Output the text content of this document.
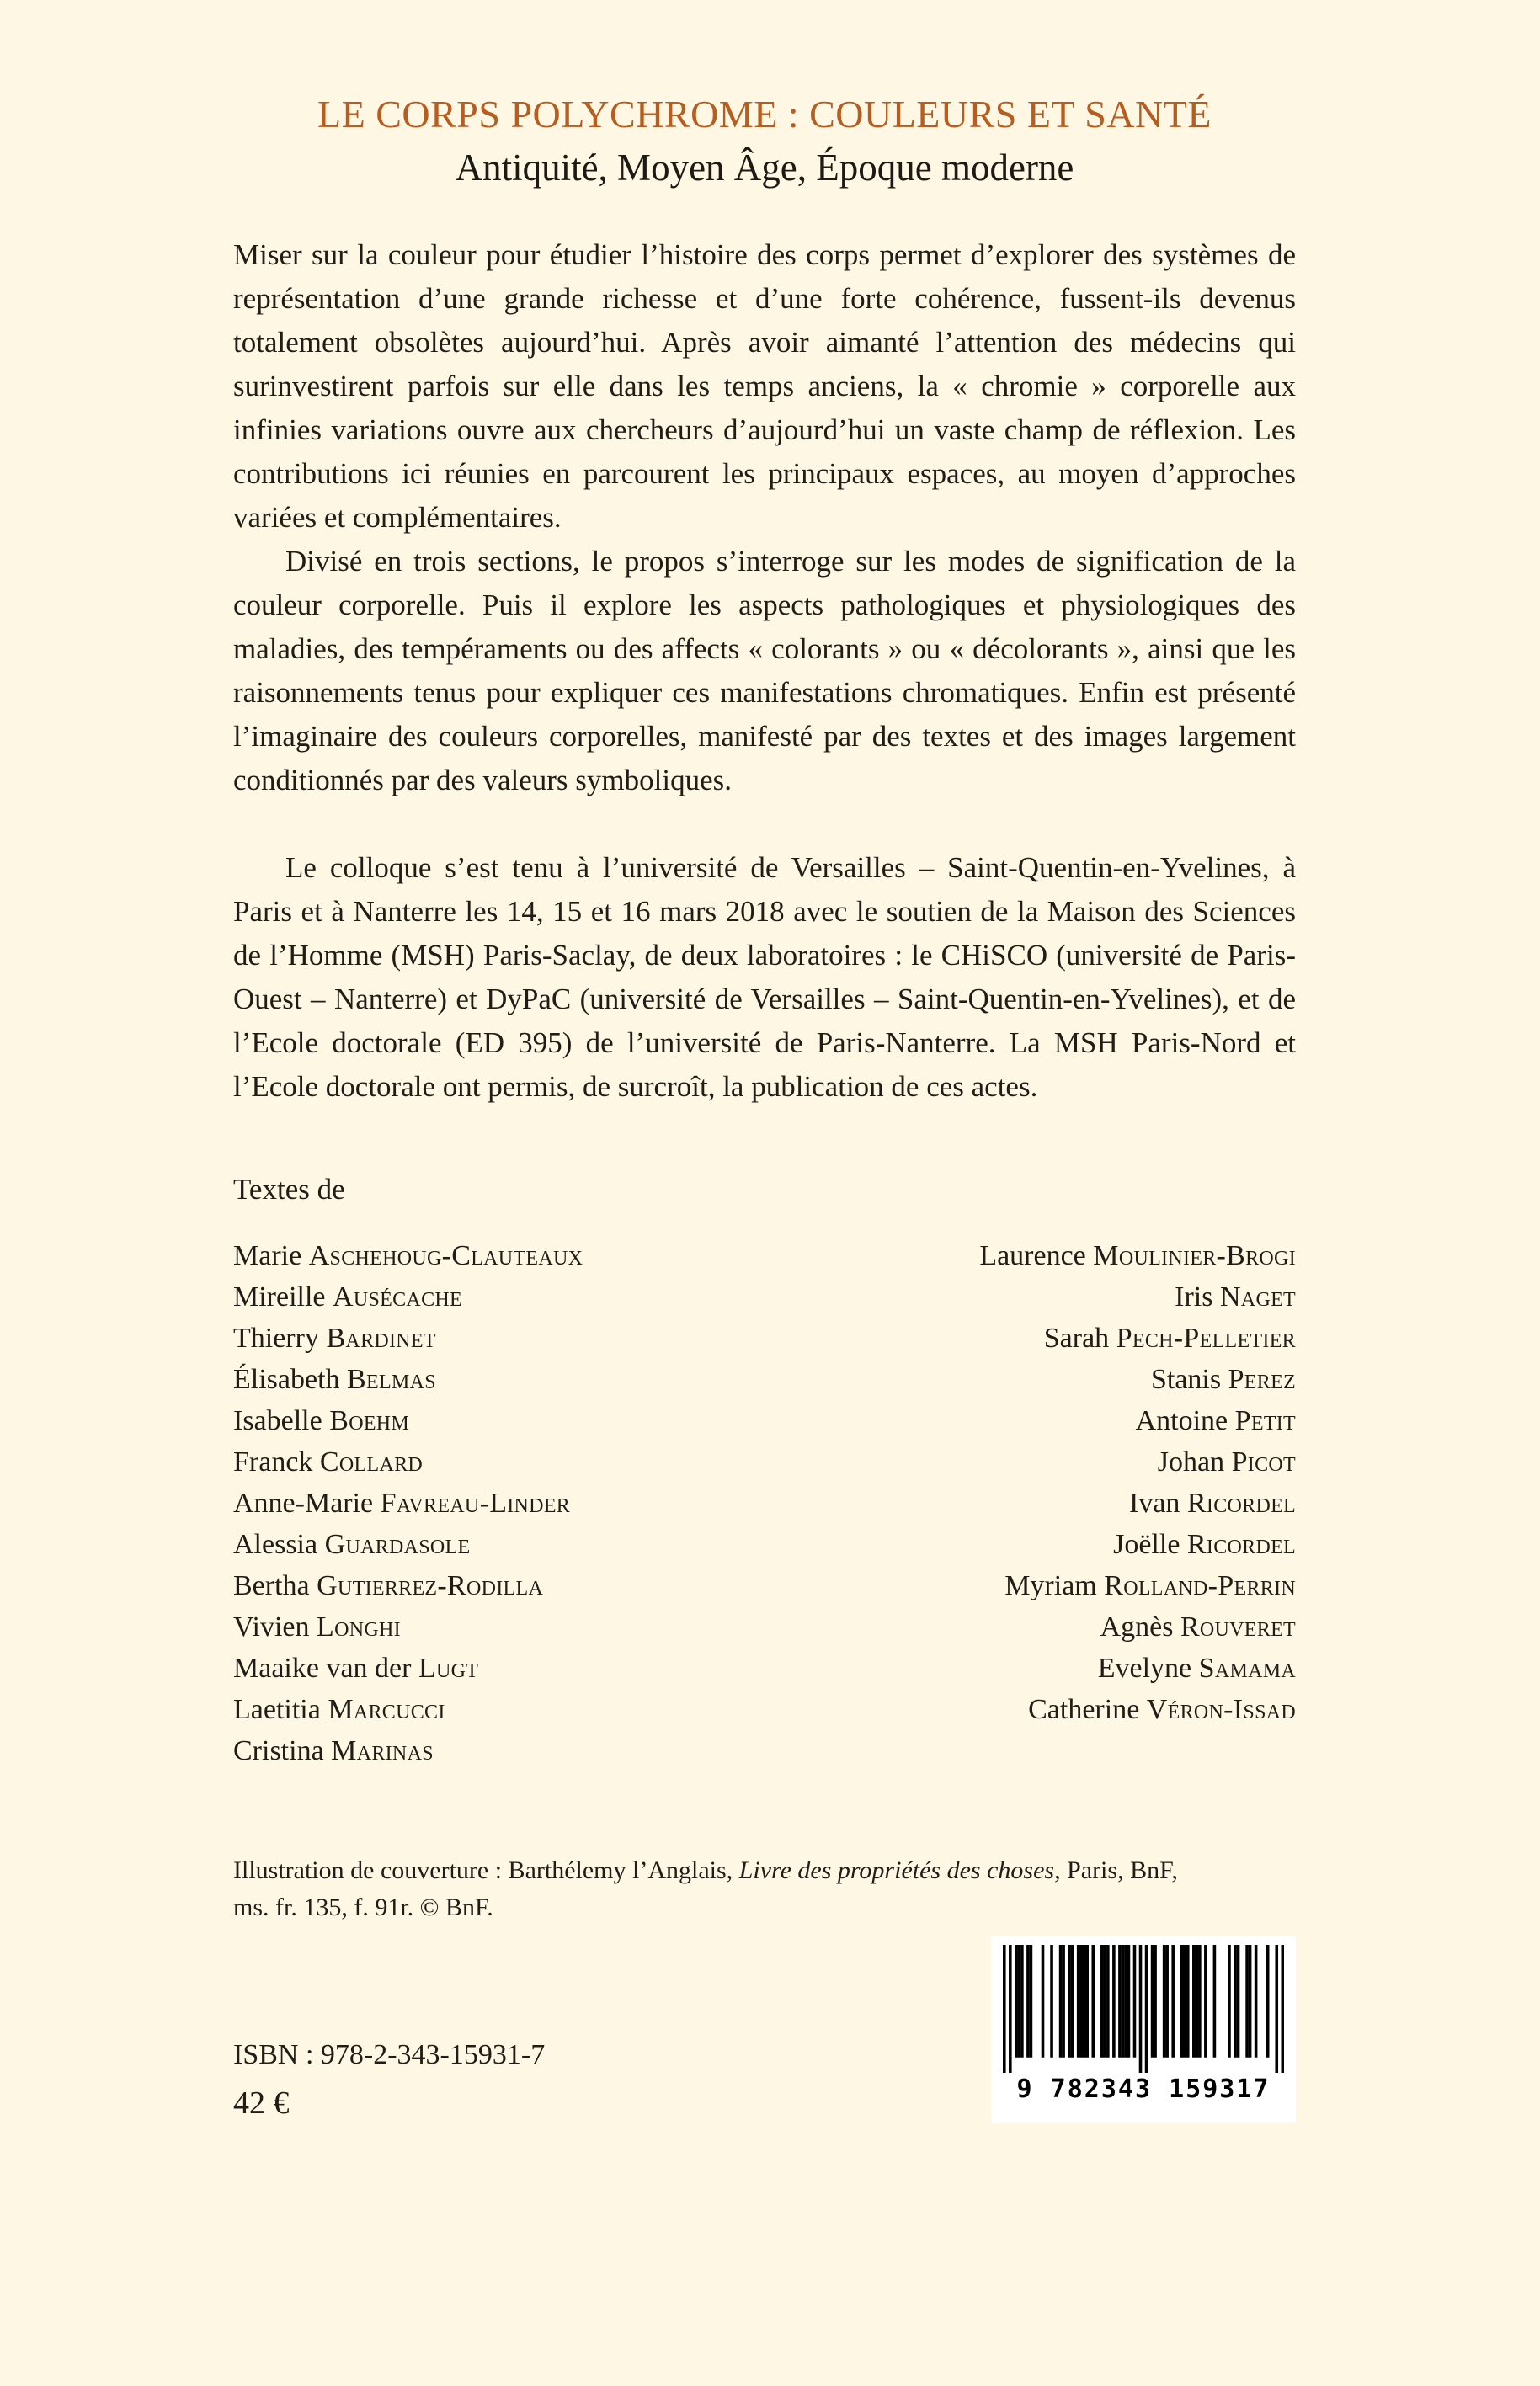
LE CORPS POLYCHROME : COULEURS ET SANTÉ
Antiquité, Moyen Âge, Époque moderne

Miser sur la couleur pour étudier l’histoire des corps permet d’explorer des systèmes de représentation d’une grande richesse et d’une forte cohérence, fussent-ils devenus totalement obsolètes aujourd’hui. Après avoir aimanté l’attention des médecins qui surinvestirent parfois sur elle dans les temps anciens, la « chromie » corporelle aux infinies variations ouvre aux chercheurs d’aujourd’hui un vaste champ de réflexion. Les contributions ici réunies en parcourent les principaux espaces, au moyen d’approches variées et complémentaires.

Divisé en trois sections, le propos s’interroge sur les modes de signification de la couleur corporelle. Puis il explore les aspects pathologiques et physiologiques des maladies, des tempéraments ou des affects « colorants » ou « décolorants », ainsi que les raisonnements tenus pour expliquer ces manifestations chromatiques. Enfin est présenté l’imaginaire des couleurs corporelles, manifesté par des textes et des images largement conditionnés par des valeurs symboliques.

Le colloque s’est tenu à l’université de Versailles – Saint-Quentin-en-Yvelines, à Paris et à Nanterre les 14, 15 et 16 mars 2018 avec le soutien de la Maison des Sciences de l’Homme (MSH) Paris-Saclay, de deux laboratoires : le CHiSCO (université de Paris-Ouest – Nanterre) et DyPaC (université de Versailles – Saint-Quentin-en-Yvelines), et de l’Ecole doctorale (ED 395) de l’université de Paris-Nanterre. La MSH Paris-Nord et l’Ecole doctorale ont permis, de surcroît, la publication de ces actes.

Textes de
Marie Aschehoug-Clauteaux
Mireille Ausécache
Thierry Bardinet
Élisabeth Belmas
Isabelle Boehm
Franck Collard
Anne-Marie Favreau-Linder
Alessia Guardasole
Bertha Gutierrez-Rodilla
Vivien Longhi
Maaike van der Lugt
Laetitia Marcucci
Cristina Marinas
Laurence Moulinier-Brogi
Iris Naget
Sarah Pech-Pelletier
Stanis Perez
Antoine Petit
Johan Picot
Ivan Ricordel
Joëlle Ricordel
Myriam Rolland-Perrin
Agnès Rouveret
Evelyne Samama
Catherine Véron-Issad
Illustration de couverture : Barthélemy l’Anglais, Livre des propriétés des choses, Paris, BnF,
ms. fr. 135, f. 91r. © BnF.
ISBN : 978-2-343-15931-7
42 €	9 782343 159317
